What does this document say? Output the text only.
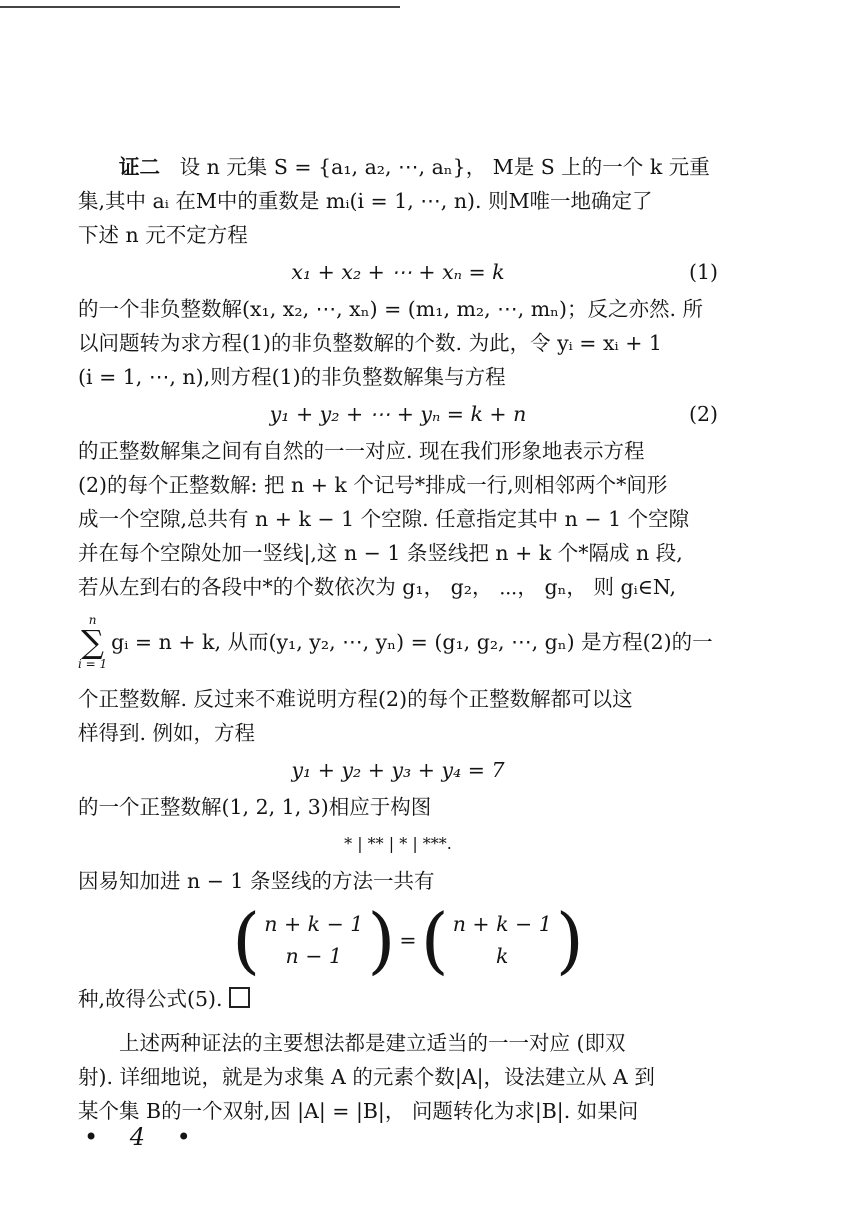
证二 设 n 元集 S = {a₁, a₂, ⋯, aₙ}， M是 S 上的一个 k 元重
集,其中 aᵢ 在M中的重数是 mᵢ(i = 1, ⋯, n). 则M唯一地确定了
下述 n 元不定方程

x₁ + x₂ + ⋯ + xₙ = k	(1)

的一个非负整数解(x₁, x₂, ⋯, xₙ) = (m₁, m₂, ⋯, mₙ)；反之亦然. 所
以问题转为求方程(1)的非负整数解的个数. 为此，令 yᵢ = xᵢ + 1
(i = 1, ⋯, n),则方程(1)的非负整数解集与方程

y₁ + y₂ + ⋯ + yₙ = k + n	(2)

的正整数解集之间有自然的一一对应. 现在我们形象地表示方程
(2)的每个正整数解: 把 n + k 个记号*排成一行,则相邻两个*间形
成一个空隙,总共有 n + k − 1 个空隙. 任意指定其中 n − 1 个空隙
并在每个空隙处加一竖线|,这 n − 1 条竖线把 n + k 个*隔成 n 段,
若从左到右的各段中*的个数依次为 g₁， g₂， ⋯， gₙ， 则 gᵢ∈N,

n
∑
i = 1
gᵢ = n + k, 从而(y₁, y₂, ⋯, yₙ) = (g₁, g₂, ⋯, gₙ) 是方程(2)的一

个正整数解. 反过来不难说明方程(2)的每个正整数解都可以这
样得到. 例如，方程

y₁ + y₂ + y₃ + y₄ = 7

的一个正整数解(1, 2, 1, 3)相应于构图

* | ** | * | ***.

因易知加进 n − 1 条竖线的方法一共有

( n + k − 1
n − 1 ) = ( n + k − 1
k )

种,故得公式(5).

上述两种证法的主要想法都是建立适当的一一对应 (即双
射). 详细地说，就是为求集 A 的元素个数|A|，设法建立从 A 到
某个集 B的一个双射,因 |A| = |B|， 问题转化为求|B|. 如果问

• 4 •
